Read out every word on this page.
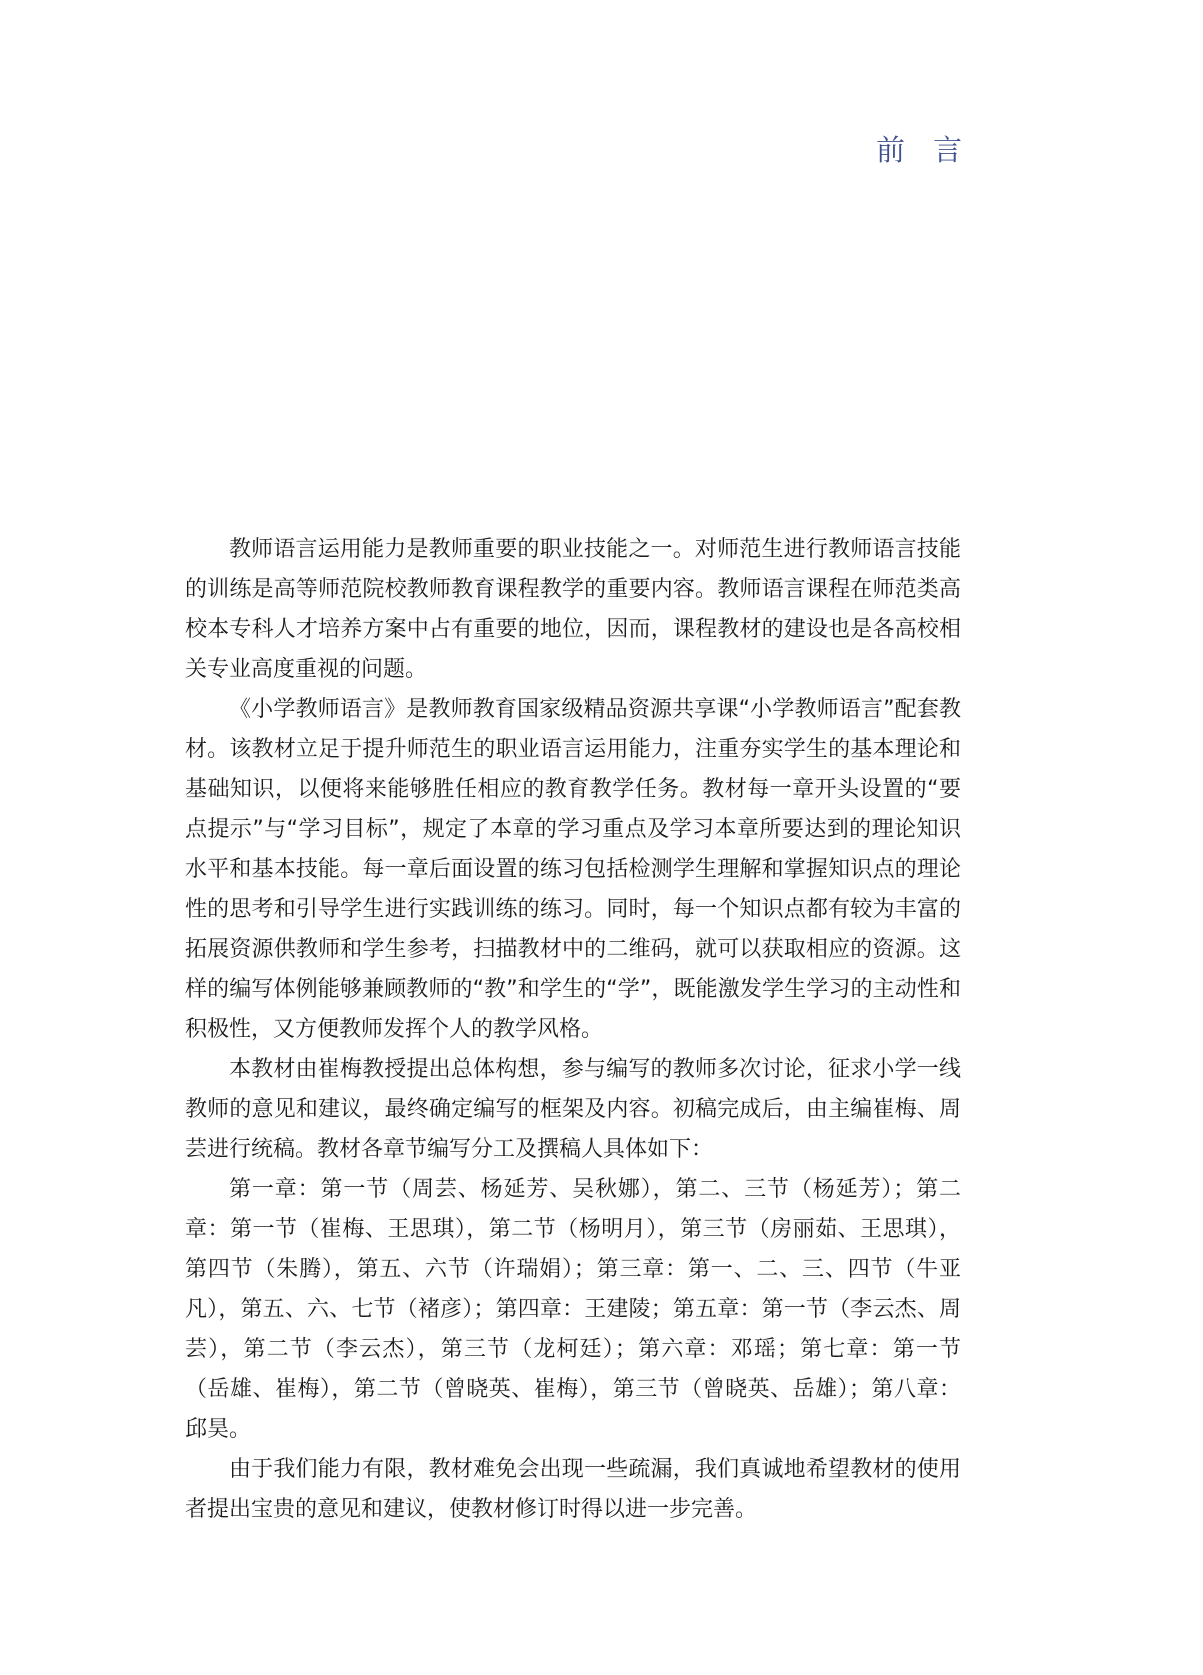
前言

教师语言运用能力是教师重要的职业技能之一。对师范生进行教师语言技能的训练是高等师范院校教师教育课程教学的重要内容。教师语言课程在师范类高校本专科人才培养方案中占有重要的地位，因而，课程教材的建设也是各高校相关专业高度重视的问题。

《小学教师语言》是教师教育国家级精品资源共享课“小学教师语言”配套教材。该教材立足于提升师范生的职业语言运用能力，注重夯实学生的基本理论和基础知识，以便将来能够胜任相应的教育教学任务。教材每一章开头设置的“要点提示”与“学习目标”，规定了本章的学习重点及学习本章所要达到的理论知识水平和基本技能。每一章后面设置的练习包括检测学生理解和掌握知识点的理论性的思考和引导学生进行实践训练的练习。同时，每一个知识点都有较为丰富的拓展资源供教师和学生参考，扫描教材中的二维码，就可以获取相应的资源。这样的编写体例能够兼顾教师的“教”和学生的“学”，既能激发学生学习的主动性和积极性，又方便教师发挥个人的教学风格。

本教材由崔梅教授提出总体构想，参与编写的教师多次讨论，征求小学一线教师的意见和建议，最终确定编写的框架及内容。初稿完成后，由主编崔梅、周芸进行统稿。教材各章节编写分工及撰稿人具体如下：

第一章：第一节（周芸、杨延芳、吴秋娜），第二、三节（杨延芳）；第二章：第一节（崔梅、王思琪），第二节（杨明月），第三节（房丽茹、王思琪），第四节（朱腾），第五、六节（许瑞娟）；第三章：第一、二、三、四节（牛亚凡），第五、六、七节（褚彦）；第四章：王建陵；第五章：第一节（李云杰、周芸），第二节（李云杰），第三节（龙柯廷）；第六章：邓瑶；第七章：第一节（岳雄、崔梅），第二节（曾晓英、崔梅），第三节（曾晓英、岳雄）；第八章：邱昊。

由于我们能力有限，教材难免会出现一些疏漏，我们真诚地希望教材的使用者提出宝贵的意见和建议，使教材修订时得以进一步完善。
